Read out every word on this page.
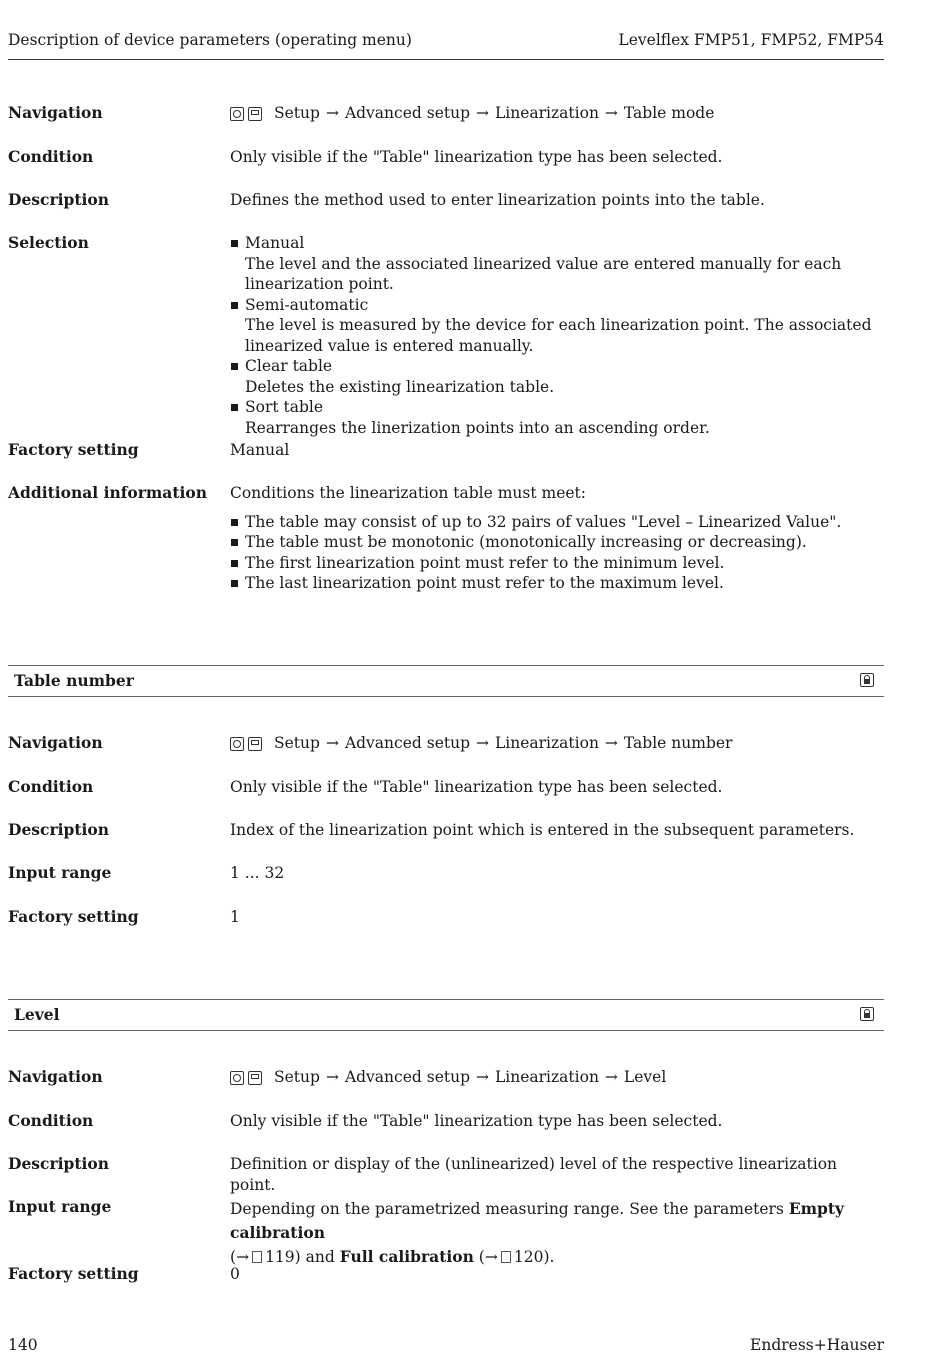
Description of device parameters (operating menu)	Levelflex FMP51, FMP52, FMP54
Navigation	Setup → Advanced setup → Linearization → Table mode
Condition	Only visible if the "Table" linearization type has been selected.
Description	Defines the method used to enter linearization points into the table.
Selection	Manual
The level and the associated linearized value are entered manually for each linearization point.
Semi-automatic
The level is measured by the device for each linearization point. The associated linearized value is entered manually.
Clear table
Deletes the existing linearization table.
Sort table
Rearranges the linerization points into an ascending order.
Factory setting	Manual
Additional information	Conditions the linearization table must meet:
The table may consist of up to 32 pairs of values "Level – Linearized Value".
The table must be monotonic (monotonically increasing or decreasing).
The first linearization point must refer to the minimum level.
The last linearization point must refer to the maximum level.
Table number
Navigation	Setup → Advanced setup → Linearization → Table number
Condition	Only visible if the "Table" linearization type has been selected.
Description	Index of the linearization point which is entered in the subsequent parameters.
Input range	1 ... 32
Factory setting	1
Level
Navigation	Setup → Advanced setup → Linearization → Level
Condition	Only visible if the "Table" linearization type has been selected.
Description	Definition or display of the (unlinearized) level of the respective linearization point.
Input range	Depending on the parametrized measuring range. See the parameters Empty calibration
(→ 119) and Full calibration (→ 120).
Factory setting	0
140	Endress+Hauser
